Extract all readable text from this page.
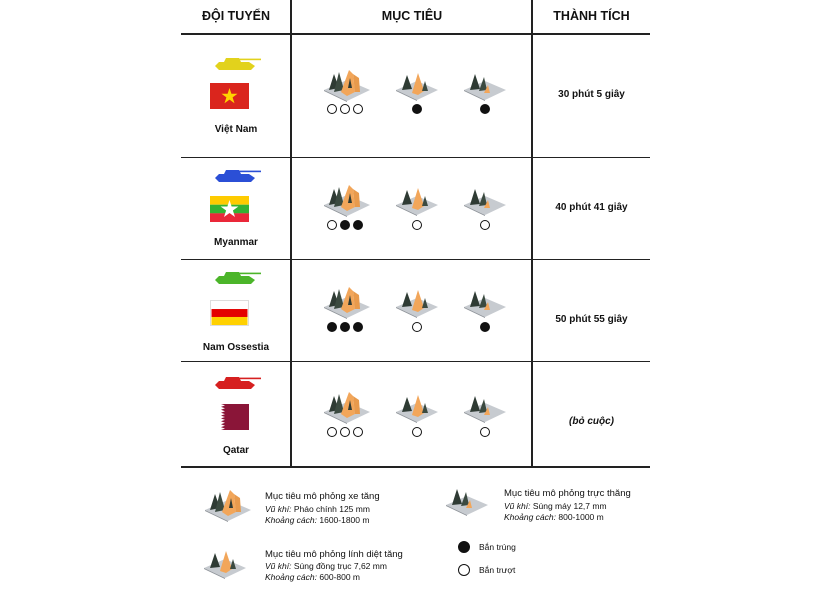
ĐỘI TUYỂN	MỤC TIÊU	THÀNH TÍCH
Việt Nam
Myanmar
Nam Ossestia
Qatar
30 phút 5 giây
40 phút 41 giây
50 phút 55 giây
(bỏ cuộc)
Mục tiêu mô phỏng xe tăng
Vũ khí: Pháo chính 125 mm
Khoảng cách: 1600-1800 m
Mục tiêu mô phỏng trực thăng
Vũ khí: Súng máy 12,7 mm
Khoảng cách: 800-1000 m
Mục tiêu mô phỏng lính diệt tăng
Vũ khí: Súng đồng trục 7,62 mm
Khoảng cách: 600-800 m
Bắn trúng
Bắn trượt
